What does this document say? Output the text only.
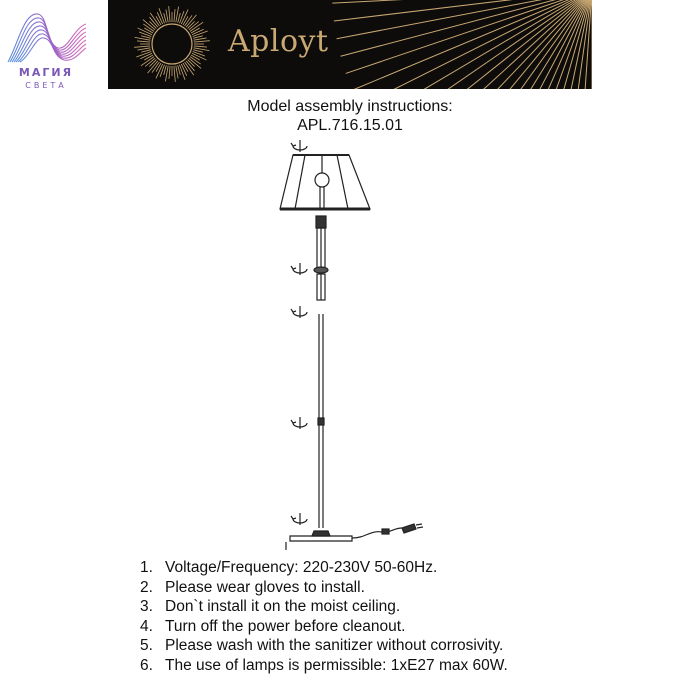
МАГИЯ
СВЕТА
Aployt
Model assembly instructions:
APL.716.15.01
1. Voltage/Frequency: 220-230V 50-60Hz.
2. Please wear gloves to install.
3. Don`t install it on the moist ceiling.
4. Turn off the power before cleanout.
5. Please wash with the sanitizer without corrosivity.
6. The use of lamps is permissible: 1xE27 max 60W.
